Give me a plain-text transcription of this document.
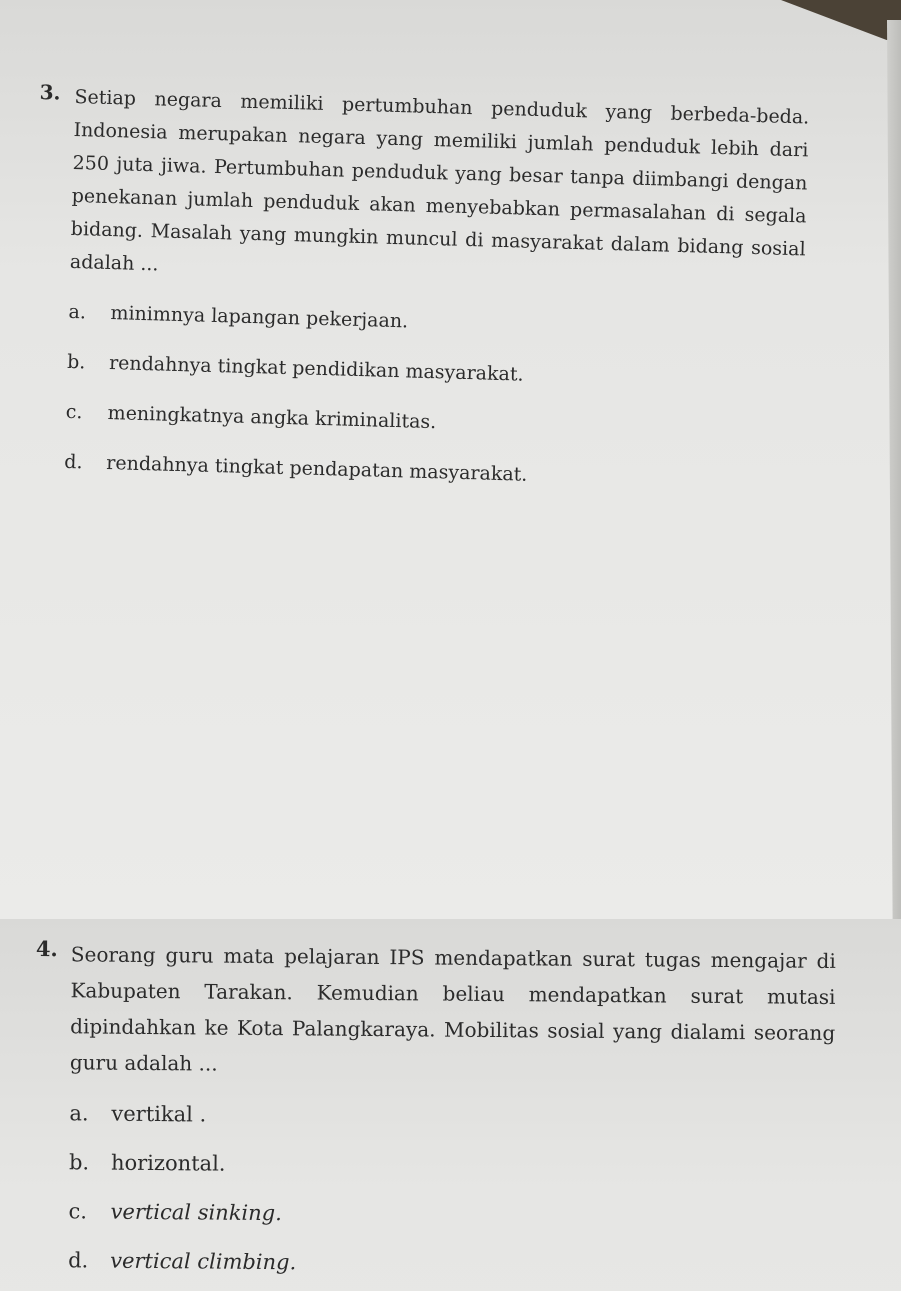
3. Setiap negara memiliki pertumbuhan penduduk yang berbeda-beda. Indonesia merupakan negara yang memiliki jumlah penduduk lebih dari 250 juta jiwa. Pertumbuhan penduduk yang besar tanpa diimbangi dengan penekanan jumlah penduduk akan menyebabkan permasalahan di segala bidang. Masalah yang mungkin muncul di masyarakat dalam bidang sosial adalah ...
a.	minimnya lapangan pekerjaan.
b.	rendahnya tingkat pendidikan masyarakat.
c.	meningkatnya angka kriminalitas.
d.	rendahnya tingkat pendapatan masyarakat.
4. Seorang guru mata pelajaran IPS mendapatkan surat tugas mengajar di Kabupaten Tarakan. Kemudian beliau mendapatkan surat mutasi dipindahkan ke Kota Palangkaraya. Mobilitas sosial yang dialami seorang guru adalah ...
a.	vertikal .
b.	horizontal.
c.	vertical sinking.
d.	vertical climbing.
